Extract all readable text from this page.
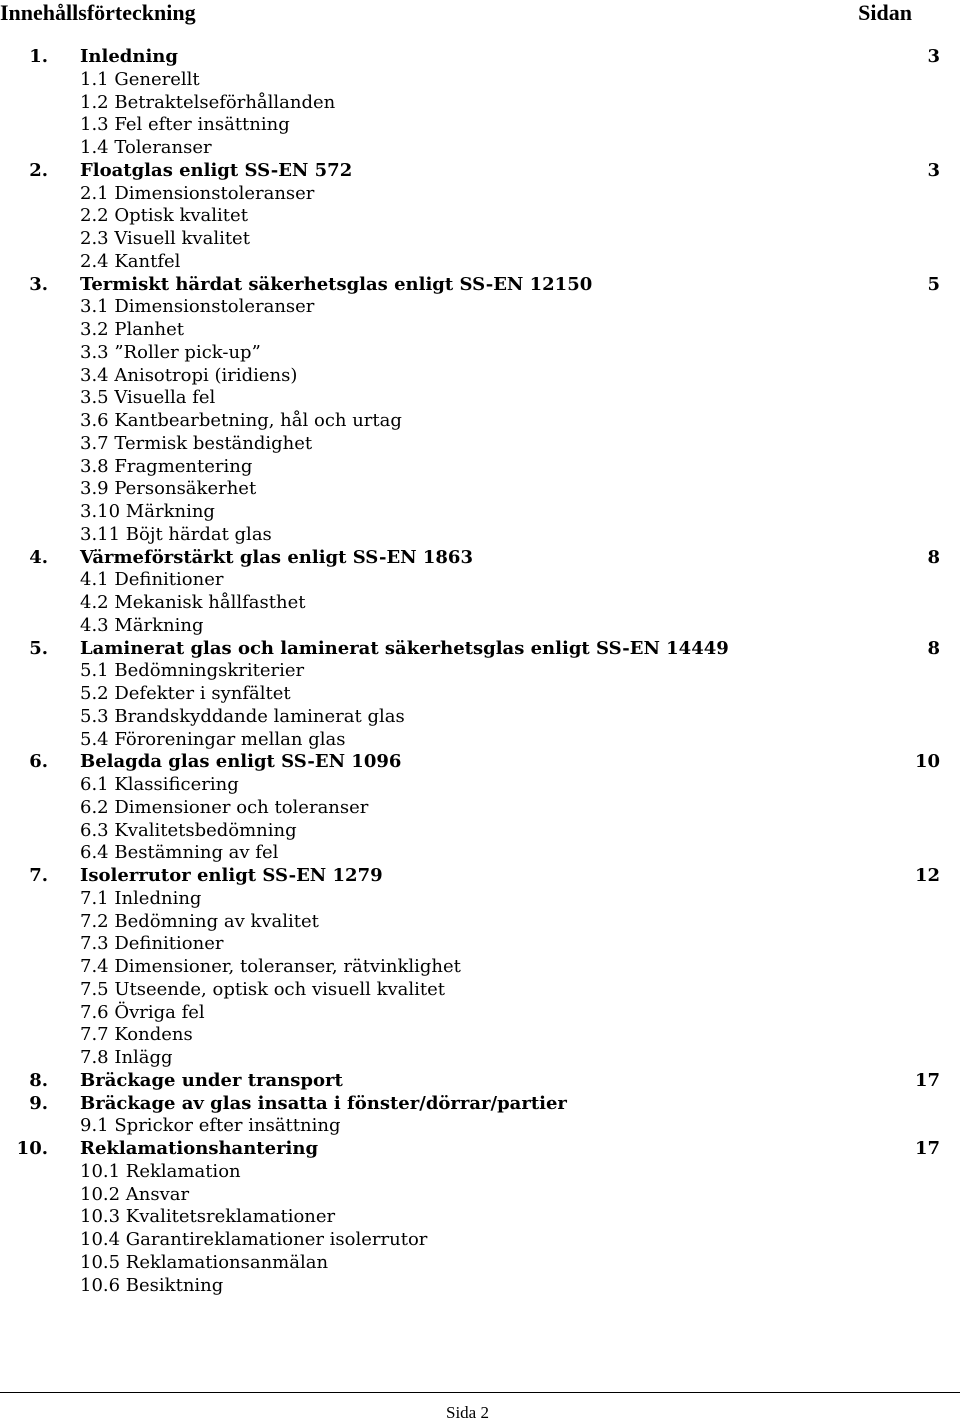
Innehållsförteckning	Sidan
1. Inledning	3
1.1 Generellt
1.2 Betraktelseförhållanden
1.3 Fel efter insättning
1.4 Toleranser
2. Floatglas enligt SS-EN 572	3
2.1 Dimensionstoleranser
2.2 Optisk kvalitet
2.3 Visuell kvalitet
2.4 Kantfel
3. Termiskt härdat säkerhetsglas enligt SS-EN 12150	5
3.1 Dimensionstoleranser
3.2 Planhet
3.3 ”Roller pick-up”
3.4 Anisotropi (iridiens)
3.5 Visuella fel
3.6 Kantbearbetning, hål och urtag
3.7 Termisk beständighet
3.8 Fragmentering
3.9 Personsäkerhet
3.10 Märkning
3.11 Böjt härdat glas
4. Värmeförstärkt glas enligt SS-EN 1863	8
4.1 Definitioner
4.2 Mekanisk hållfasthet
4.3 Märkning
5. Laminerat glas och laminerat säkerhetsglas enligt SS-EN 14449	8
5.1 Bedömningskriterier
5.2 Defekter i synfältet
5.3 Brandskyddande laminerat glas
5.4 Föroreningar mellan glas
6. Belagda glas enligt SS-EN 1096	10
6.1 Klassificering
6.2 Dimensioner och toleranser
6.3 Kvalitetsbedömning
6.4 Bestämning av fel
7. Isolerrutor enligt SS-EN 1279	12
7.1 Inledning
7.2 Bedömning av kvalitet
7.3 Definitioner
7.4 Dimensioner, toleranser, rätvinklighet
7.5 Utseende, optisk och visuell kvalitet
7.6 Övriga fel
7.7 Kondens
7.8 Inlägg
8. Bräckage under transport	17
9. Bräckage av glas insatta i fönster/dörrar/partier
9.1 Sprickor efter insättning
10. Reklamationshantering	17
10.1 Reklamation
10.2 Ansvar
10.3 Kvalitetsreklamationer
10.4 Garantireklamationer isolerrutor
10.5 Reklamationsanmälan
10.6 Besiktning
Sida 2
